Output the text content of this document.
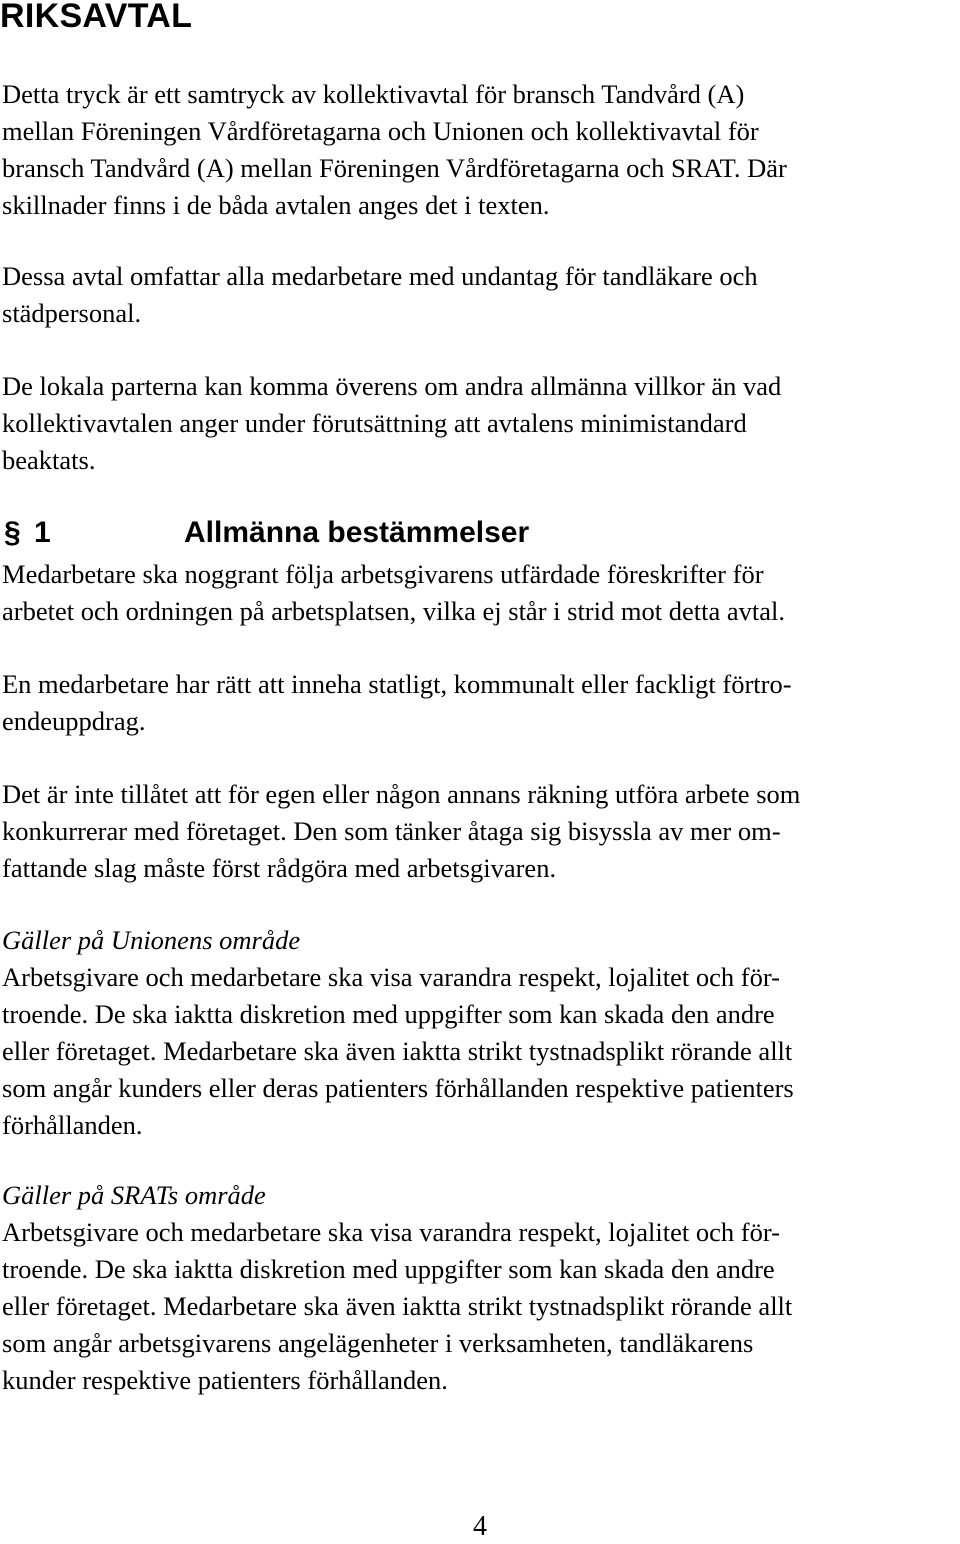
RIKSAVTAL

Detta tryck är ett samtryck av kollektivavtal för bransch Tandvård (A)
mellan Föreningen Vårdföretagarna och Unionen och kollektivavtal för
bransch Tandvård (A) mellan Föreningen Vårdföretagarna och SRAT. Där
skillnader finns i de båda avtalen anges det i texten.

Dessa avtal omfattar alla medarbetare med undantag för tandläkare och
städpersonal.

De lokala parterna kan komma överens om andra allmänna villkor än vad
kollektivavtalen anger under förutsättning att avtalens minimistandard
beaktats.

§ 1	Allmänna bestämmelser

Medarbetare ska noggrant följa arbetsgivarens utfärdade föreskrifter för
arbetet och ordningen på arbetsplatsen, vilka ej står i strid mot detta avtal.

En medarbetare har rätt att inneha statligt, kommunalt eller fackligt förtro-
endeuppdrag.

Det är inte tillåtet att för egen eller någon annans räkning utföra arbete som
konkurrerar med företaget. Den som tänker åtaga sig bisyssla av mer om-
fattande slag måste först rådgöra med arbetsgivaren.

Gäller på Unionens område
Arbetsgivare och medarbetare ska visa varandra respekt, lojalitet och för-
troende. De ska iaktta diskretion med uppgifter som kan skada den andre
eller företaget. Medarbetare ska även iaktta strikt tystnadsplikt rörande allt
som angår kunders eller deras patienters förhållanden respektive patienters
förhållanden.
Gäller på SRATs område
Arbetsgivare och medarbetare ska visa varandra respekt, lojalitet och för-
troende. De ska iaktta diskretion med uppgifter som kan skada den andre
eller företaget. Medarbetare ska även iaktta strikt tystnadsplikt rörande allt
som angår arbetsgivarens angelägenheter i verksamheten, tandläkarens
kunder respektive patienters förhållanden.
4
